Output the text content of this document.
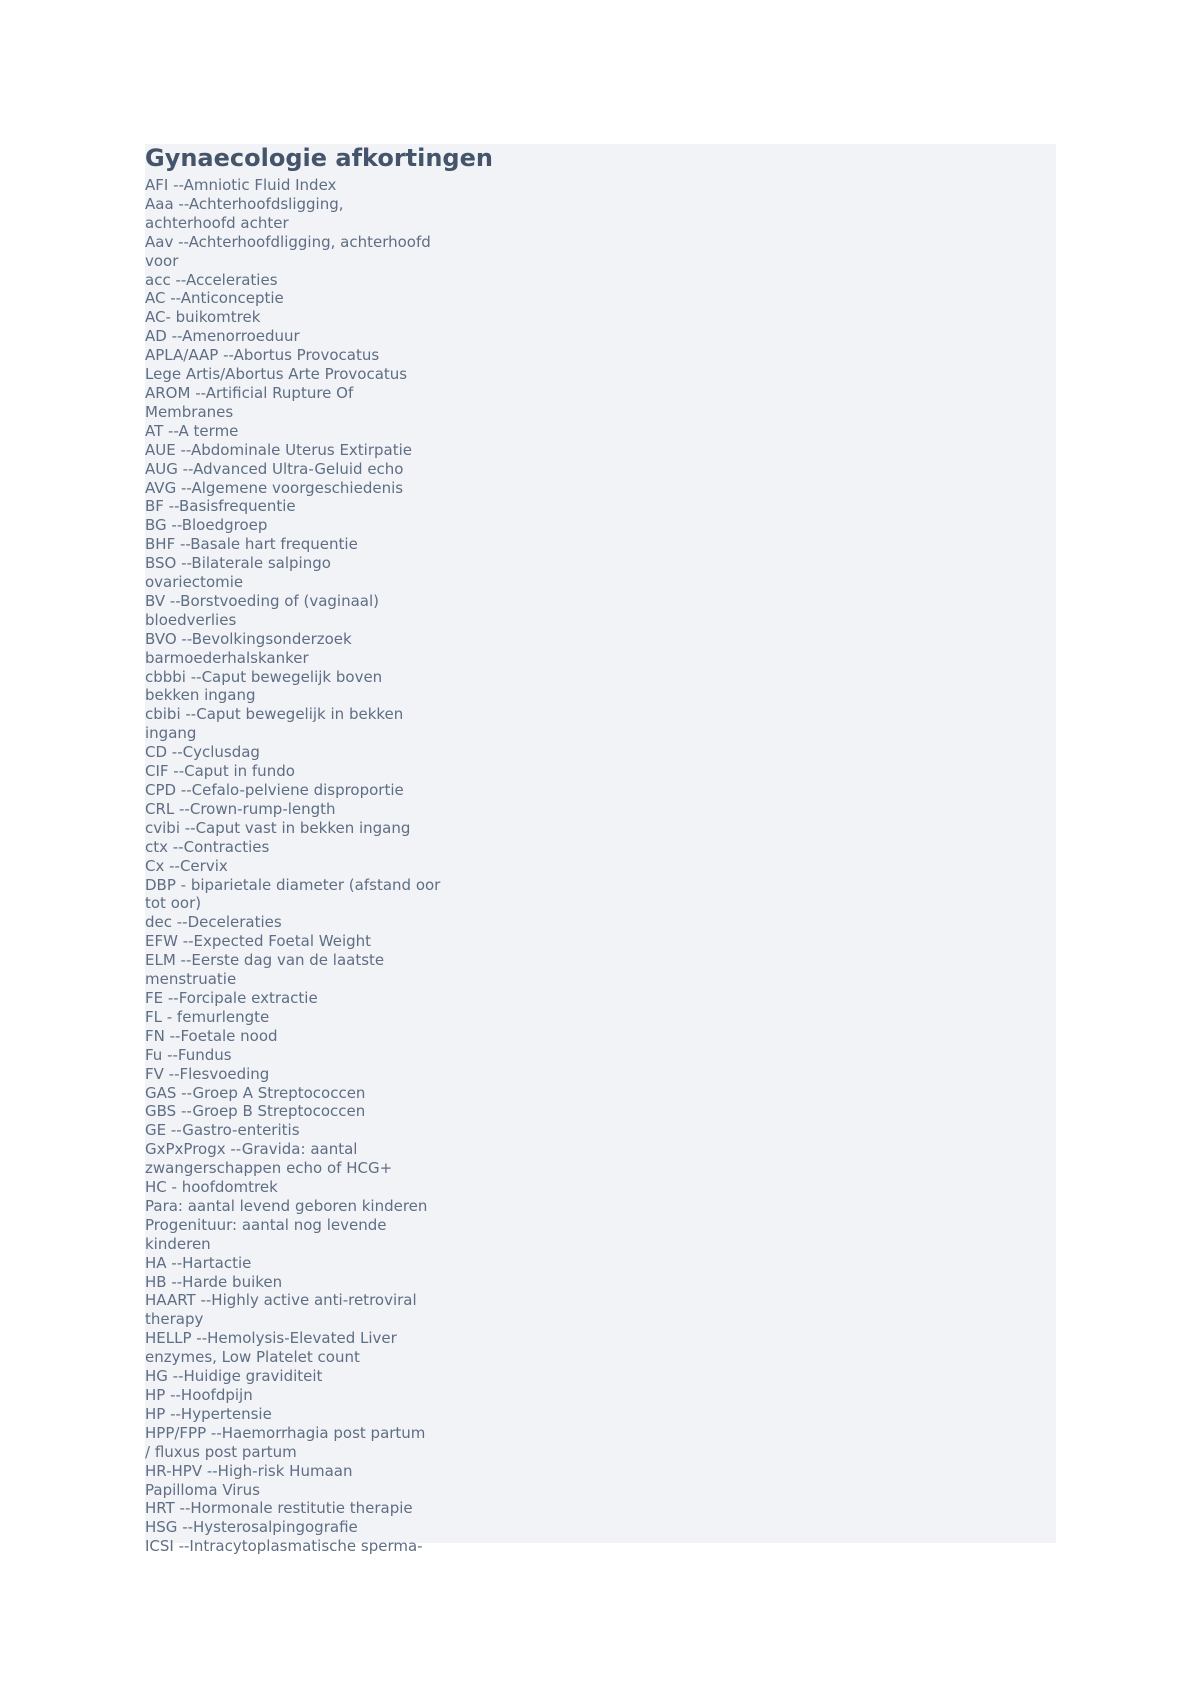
Gynaecologie afkortingen
AFI --Amniotic Fluid Index
Aaa --Achterhoofdsligging,
achterhoofd achter
Aav --Achterhoofdligging, achterhoofd
voor
acc --Acceleraties
AC --Anticonceptie
AC- buikomtrek
AD --Amenorroeduur
APLA/AAP --Abortus Provocatus
Lege Artis/Abortus Arte Provocatus
AROM --Artificial Rupture Of
Membranes
AT --A terme
AUE --Abdominale Uterus Extirpatie
AUG --Advanced Ultra-Geluid echo
AVG --Algemene voorgeschiedenis
BF --Basisfrequentie
BG --Bloedgroep
BHF --Basale hart frequentie
BSO --Bilaterale salpingo
ovariectomie
BV --Borstvoeding of (vaginaal)
bloedverlies
BVO --Bevolkingsonderzoek
barmoederhalskanker
cbbbi --Caput bewegelijk boven
bekken ingang
cbibi --Caput bewegelijk in bekken
ingang
CD --Cyclusdag
CIF --Caput in fundo
CPD --Cefalo-pelviene disproportie
CRL --Crown-rump-length
cvibi --Caput vast in bekken ingang
ctx --Contracties
Cx --Cervix
DBP - biparietale diameter (afstand oor
tot oor)
dec --Deceleraties
EFW --Expected Foetal Weight
ELM --Eerste dag van de laatste
menstruatie
FE --Forcipale extractie
FL - femurlengte
FN --Foetale nood
Fu --Fundus
FV --Flesvoeding
GAS --Groep A Streptococcen
GBS --Groep B Streptococcen
GE --Gastro-enteritis
GxPxProgx --Gravida: aantal
zwangerschappen echo of HCG+
HC - hoofdomtrek
Para: aantal levend geboren kinderen
Progenituur: aantal nog levende
kinderen
HA --Hartactie
HB --Harde buiken
HAART --Highly active anti-retroviral
therapy
HELLP --Hemolysis-Elevated Liver
enzymes, Low Platelet count
HG --Huidige graviditeit
HP --Hoofdpijn
HP --Hypertensie
HPP/FPP --Haemorrhagia post partum
/ fluxus post partum
HR-HPV --High-risk Humaan
Papilloma Virus
HRT --Hormonale restitutie therapie
HSG --Hysterosalpingografie
ICSI --Intracytoplasmatische sperma-
